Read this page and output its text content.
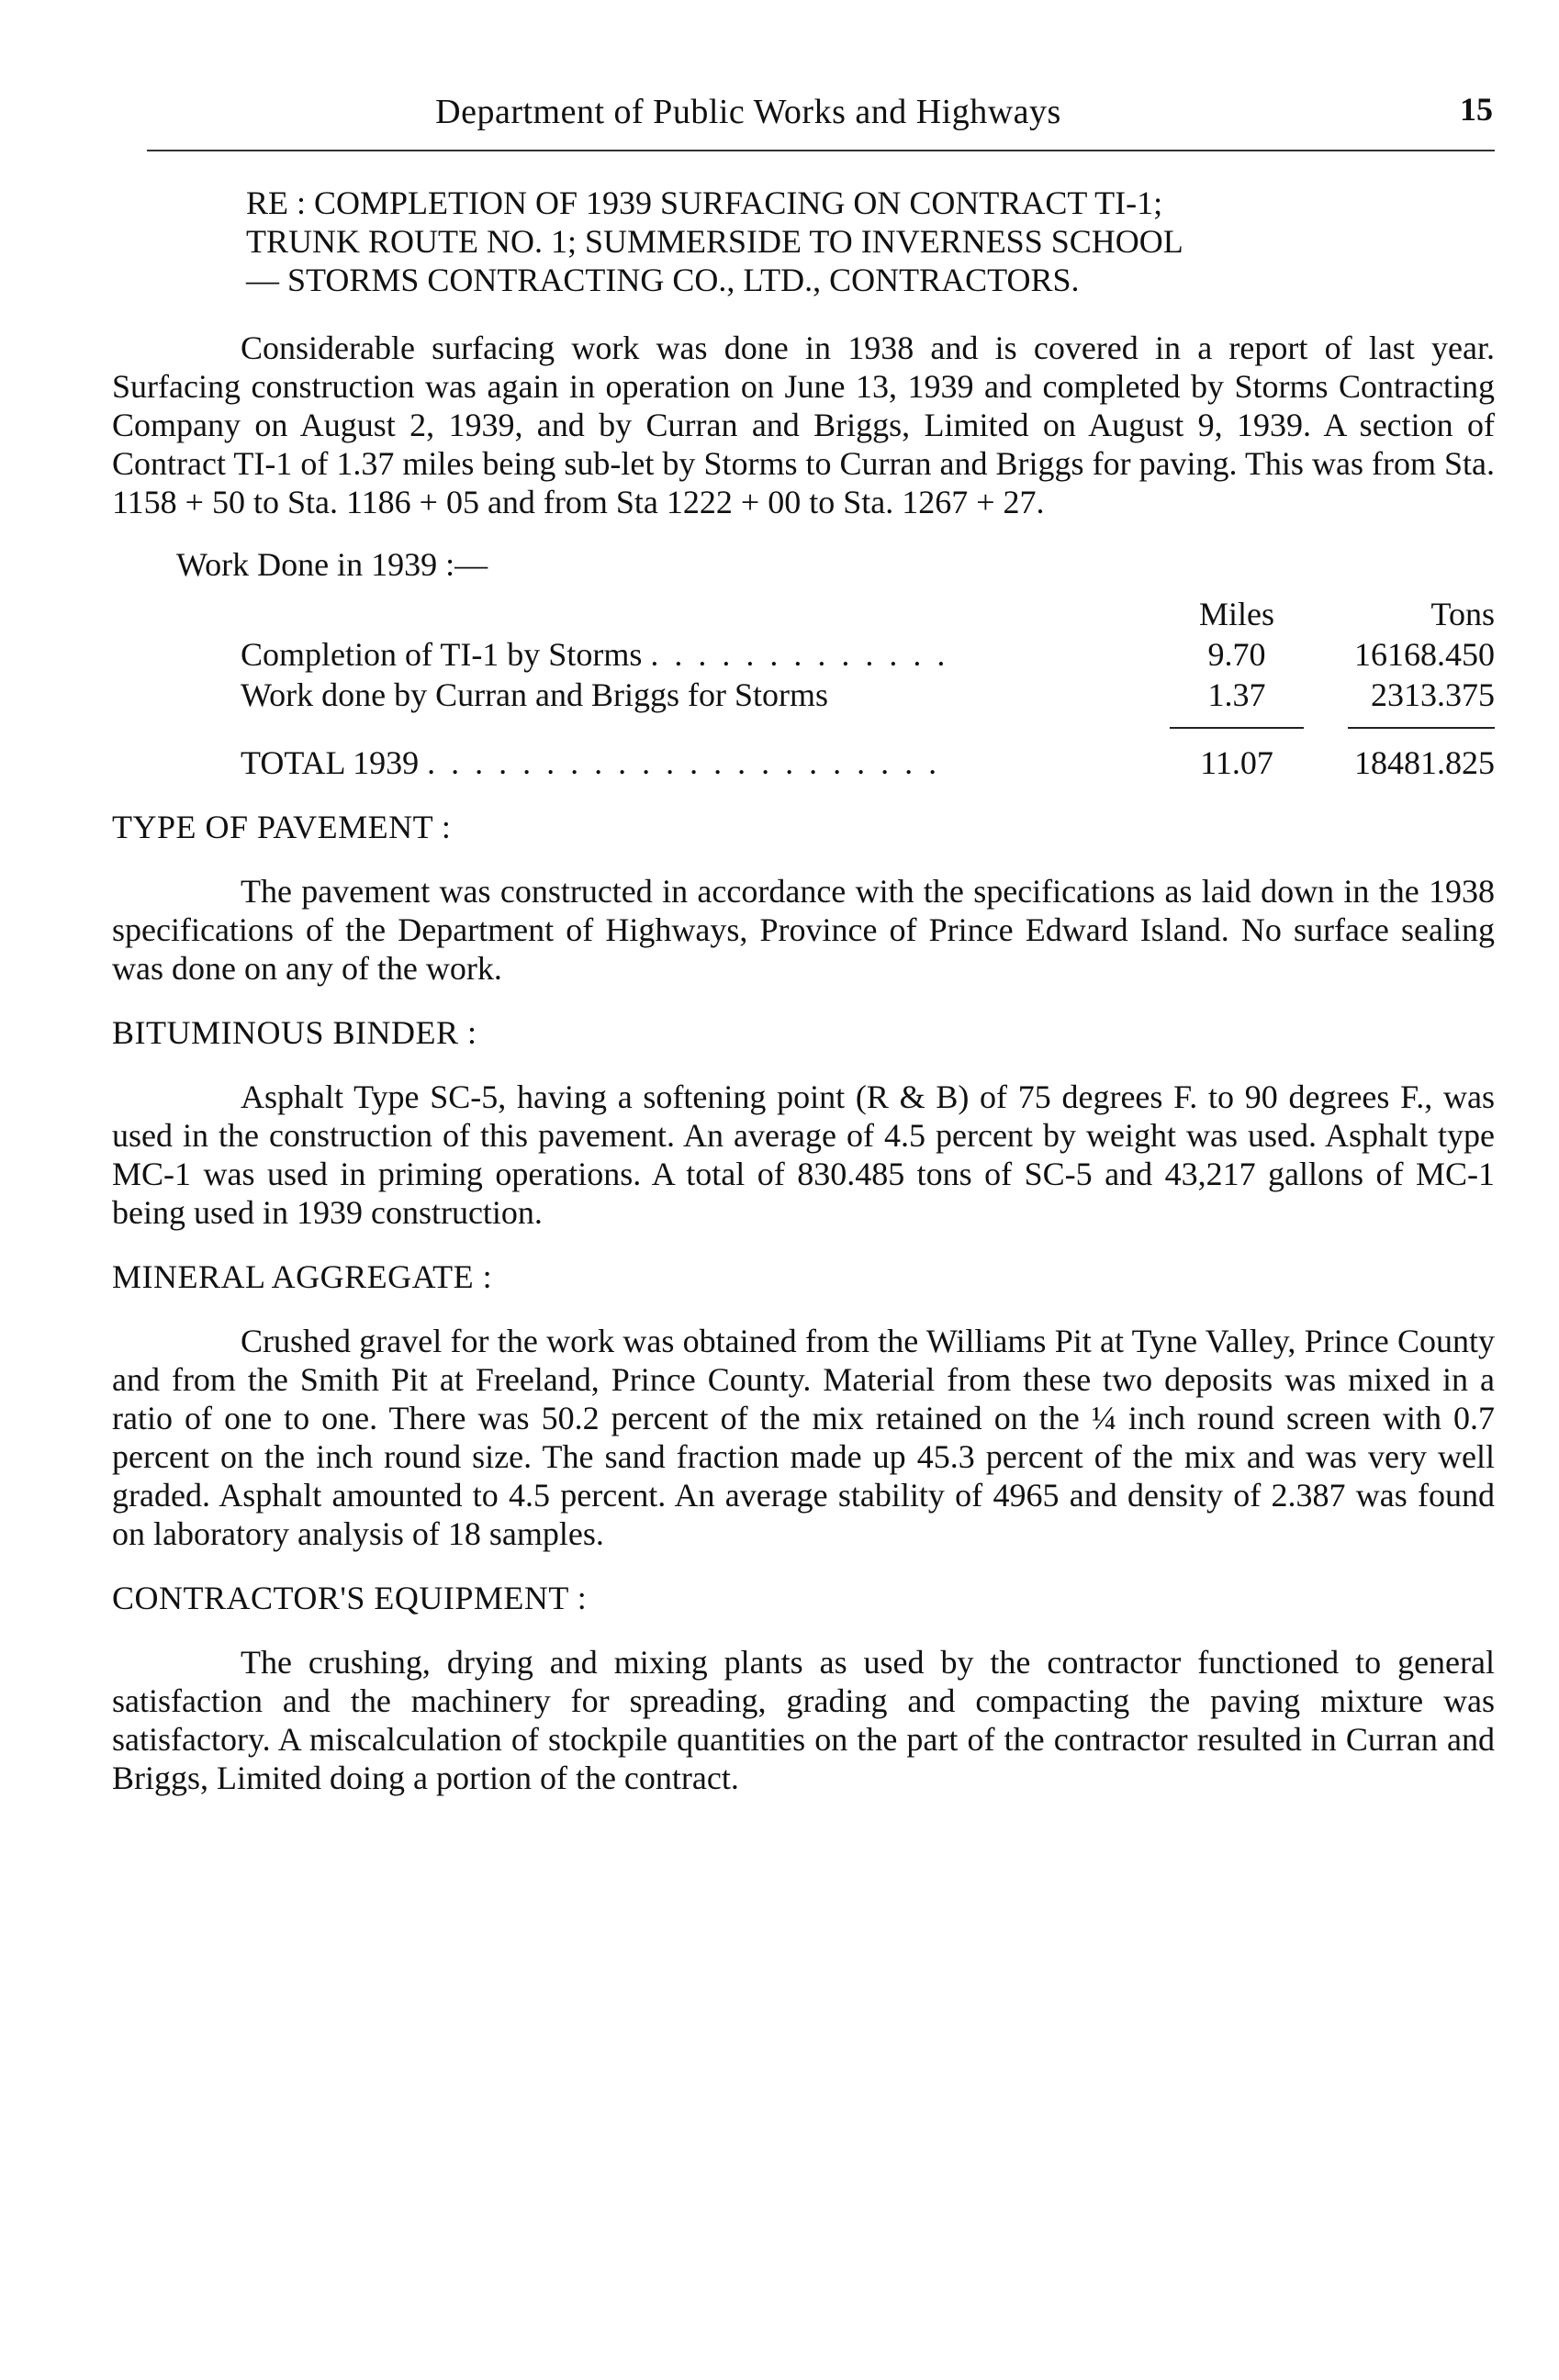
Department of Public Works and Highways	15
RE : COMPLETION OF 1939 SURFACING ON CONTRACT TI-1;
TRUNK ROUTE NO. 1; SUMMERSIDE TO INVERNESS SCHOOL
— STORMS CONTRACTING CO., LTD., CONTRACTORS.

Considerable surfacing work was done in 1938 and is covered in a report of last year. Surfacing construction was again in operation on June 13, 1939 and completed by Storms Contracting Company on August 2, 1939, and by Curran and Briggs, Limited on August 9, 1939. A section of Contract TI-1 of 1.37 miles being sub-let by Storms to Curran and Briggs for paving. This was from Sta. 1158 + 50 to Sta. 1186 + 05 and from Sta 1222 + 00 to Sta. 1267 + 27.

Work Done in 1939 :—
	Miles	Tons
Completion of TI-1 by Storms . . . . . . . . . . . . .	9.70	16168.450
Work done by Curran and Briggs for Storms	1.37	2313.375

TOTAL 1939 . . . . . . . . . . . . . . . . . . . . . .	11.07	18481.825
TYPE OF PAVEMENT :

The pavement was constructed in accordance with the specifications as laid down in the 1938 specifications of the Department of Highways, Province of Prince Edward Island. No surface sealing was done on any of the work.

BITUMINOUS BINDER :

Asphalt Type SC-5, having a softening point (R & B) of 75 degrees F. to 90 degrees F., was used in the construction of this pavement. An average of 4.5 percent by weight was used. Asphalt type MC-1 was used in priming operations. A total of 830.485 tons of SC-5 and 43,217 gallons of MC-1 being used in 1939 construction.

MINERAL AGGREGATE :

Crushed gravel for the work was obtained from the Williams Pit at Tyne Valley, Prince County and from the Smith Pit at Freeland, Prince County. Material from these two deposits was mixed in a ratio of one to one. There was 50.2 percent of the mix retained on the ¼ inch round screen with 0.7 percent on the inch round size. The sand fraction made up 45.3 percent of the mix and was very well graded. Asphalt amounted to 4.5 percent. An average stability of 4965 and density of 2.387 was found on laboratory analysis of 18 samples.

CONTRACTOR'S EQUIPMENT :

The crushing, drying and mixing plants as used by the contractor functioned to general satisfaction and the machinery for spreading, grading and compacting the paving mixture was satisfactory. A miscalculation of stockpile quantities on the part of the contractor resulted in Curran and Briggs, Limited doing a portion of the contract.
